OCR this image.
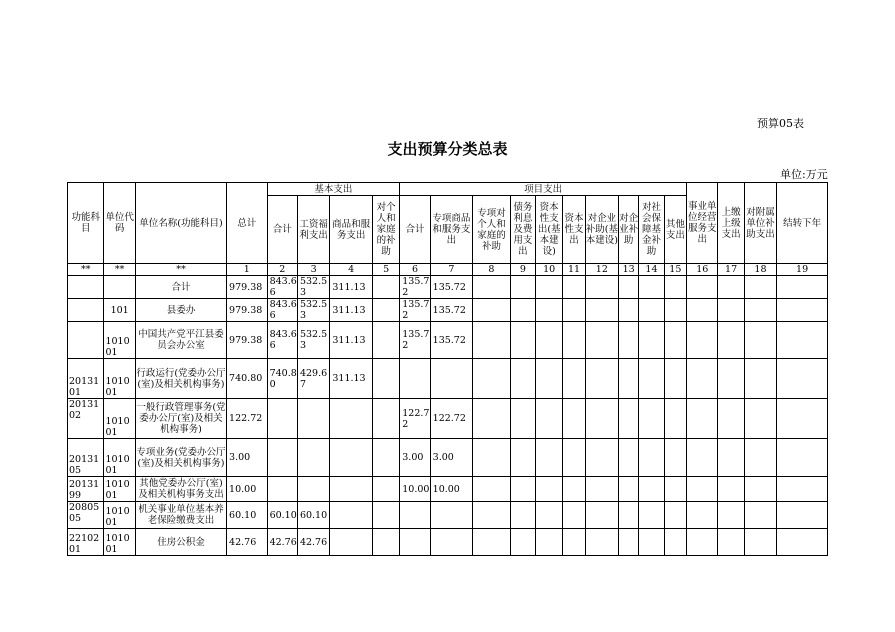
预算05表
支出预算分类总表
单位:万元
功能科目	单位代码	单位名称(功能科目)	总计	基本支出				项目支出										事业单位经营服务支出	上缴上级支出	对附属单位补助支出	结转下年
				合计	工资福利支出	商品和服务支出	对个人和家庭的补助	合计	专项商品和服务支出	专项对个人和家庭的补助	债务利息及费用支出	资本性支出(基本建设)	资本性支出	对企业补助(基本建设)	对企业补助	对社会保障基金补助	其他支出				
**	**	**	1	2	3	4	5	6	7	8	9	10	11	12	13	14	15	16	17	18	19
		合计	979.38	843.66	532.53	311.13		135.72	135.72												
	101	县委办	979.38	843.66	532.53	311.13		135.72	135.72												
	101001	中国共产党平江县委员会办公室	979.38	843.66	532.53	311.13		135.72	135.72												
2013101	101001	行政运行(党委办公厅(室)及相关机构事务)	740.80	740.80	429.67	311.13															
2013102	101001	一般行政管理事务(党委办公厅(室)及相关机构事务)	122.72					122.72	122.72												
2013105	101001	专项业务(党委办公厅(室)及相关机构事务)	3.00					3.00	3.00												
2013199	101001	其他党委办公厅(室)及相关机构事务支出	10.00					10.00	10.00												
2080505	101001	机关事业单位基本养老保险缴费支出	60.10	60.10	60.10																
2210201	101001	住房公积金	42.76	42.76	42.76																
